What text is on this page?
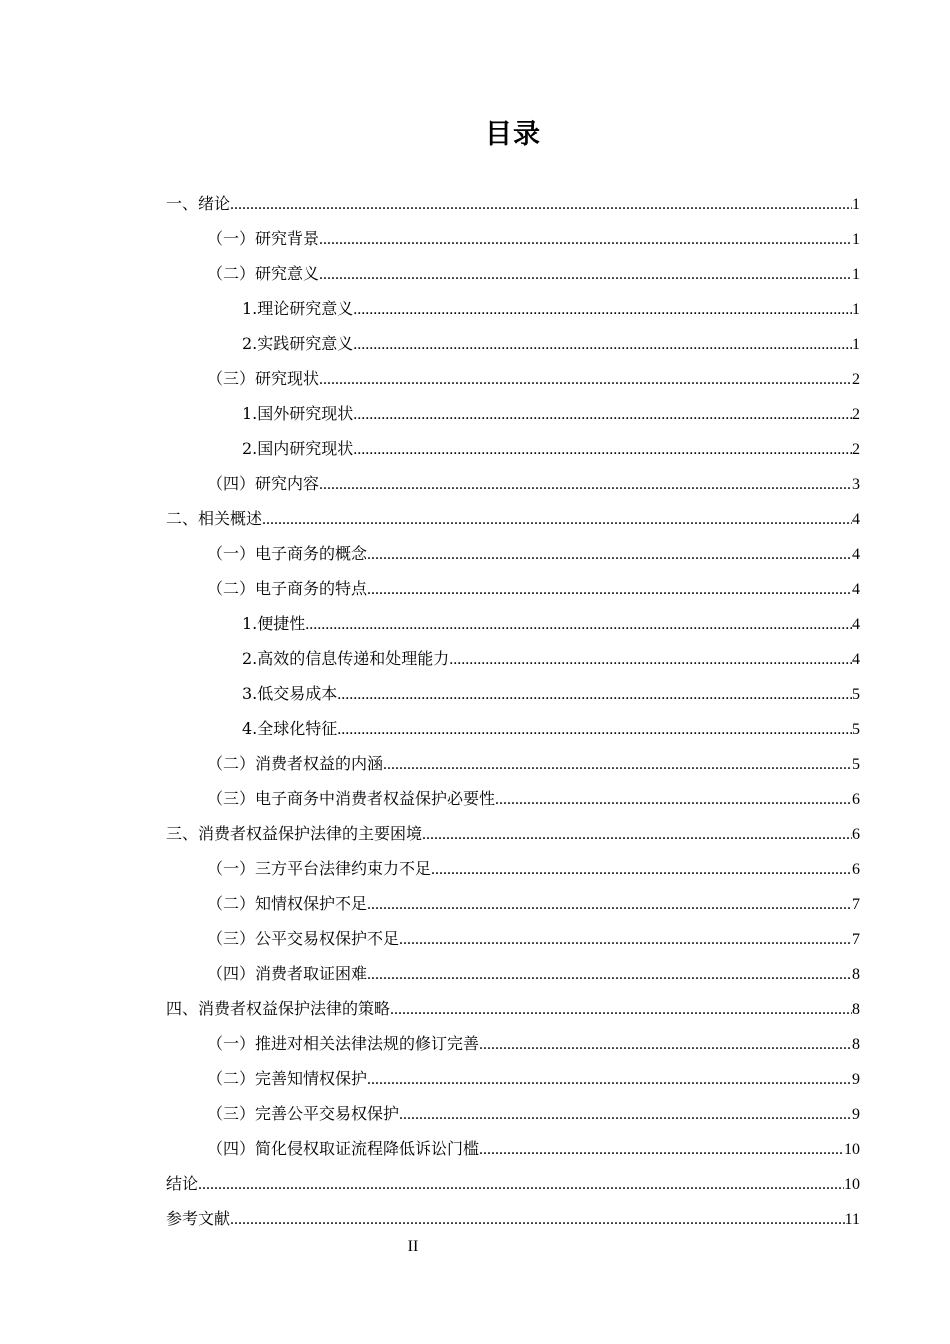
目录
一、绪论 .....	1
（一）研究背景 .....	1
（二）研究意义 .....	1
1.理论研究意义 .....	1
2.实践研究意义 .....	1
（三）研究现状 .....	2
1.国外研究现状 .....	2
2.国内研究现状 .....	2
（四）研究内容 .....	3
二、相关概述 .....	4
（一）电子商务的概念 .....	4
（二）电子商务的特点 .....	4
1.便捷性 .....	4
2.高效的信息传递和处理能力 .....	4
3.低交易成本 .....	5
4.全球化特征 .....	5
（二）消费者权益的内涵 .....	5
（三）电子商务中消费者权益保护必要性 .....	6
三、消费者权益保护法律的主要困境 .....	6
（一）三方平台法律约束力不足 .....	6
（二）知情权保护不足 .....	7
（三）公平交易权保护不足 .....	7
（四）消费者取证困难 .....	8
四、消费者权益保护法律的策略 .....	8
（一）推进对相关法律法规的修订完善 .....	8
（二）完善知情权保护 .....	9
（三）完善公平交易权保护 .....	9
（四）简化侵权取证流程降低诉讼门槛 .....	10
结论 .....	10
参考文献 .....	11
II
